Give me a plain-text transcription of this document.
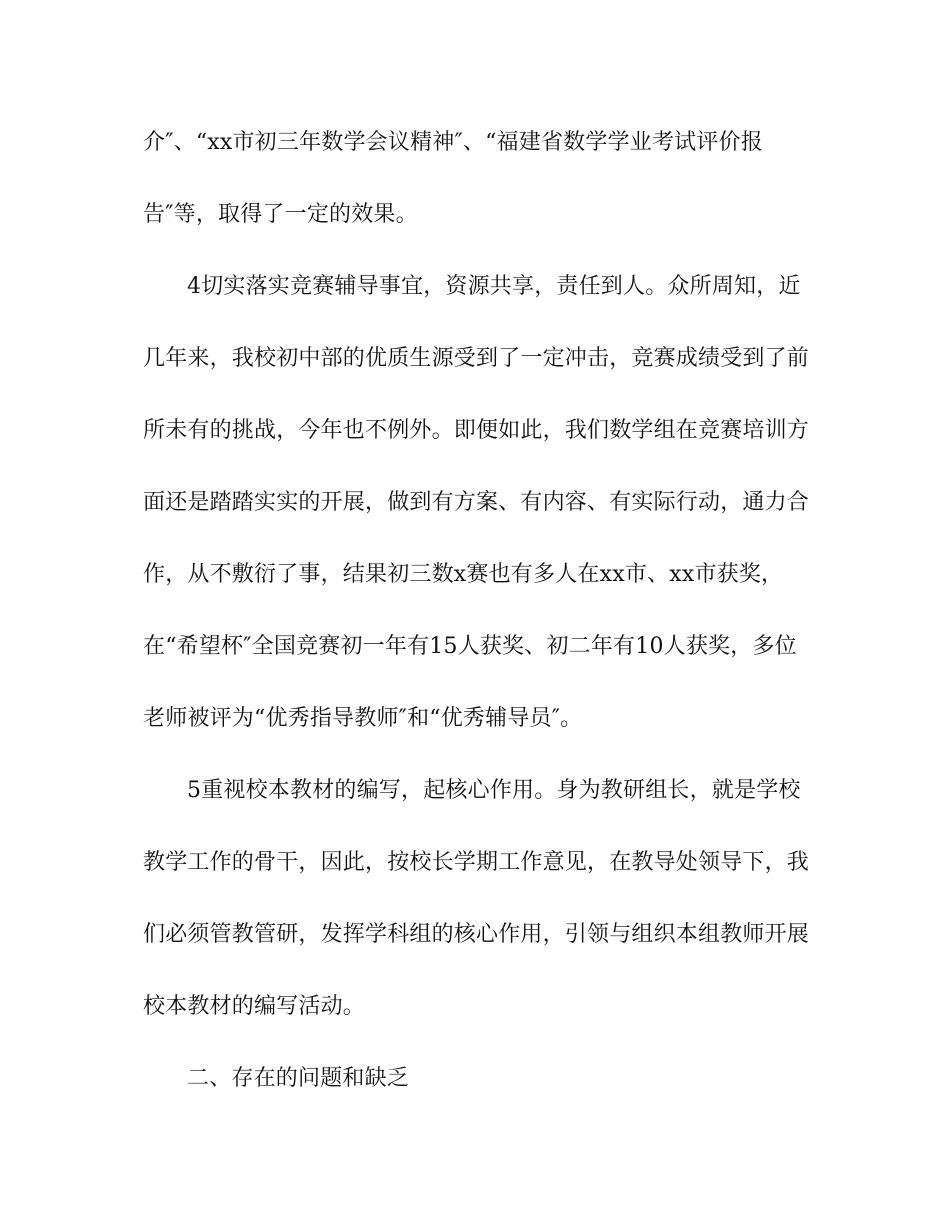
介″、“xx市初三年数学会议精神″、“福建省数学学业考试评价报
告″等，取得了一定的效果。
4切实落实竞赛辅导事宜，资源共享，责任到人。众所周知，近
几年来，我校初中部的优质生源受到了一定冲击，竞赛成绩受到了前
所未有的挑战，今年也不例外。即便如此，我们数学组在竞赛培训方
面还是踏踏实实的开展，做到有方案、有内容、有实际行动，通力合
作，从不敷衍了事，结果初三数x赛也有多人在xx市、xx市获奖，
在“希望杯″全国竞赛初一年有15人获奖、初二年有10人获奖，多位
老师被评为“优秀指导教师″和“优秀辅导员″。
5重视校本教材的编写，起核心作用。身为教研组长，就是学校
教学工作的骨干，因此，按校长学期工作意见，在教导处领导下，我
们必须管教管研，发挥学科组的核心作用，引领与组织本组教师开展
校本教材的编写活动。
二、存在的问题和缺乏
